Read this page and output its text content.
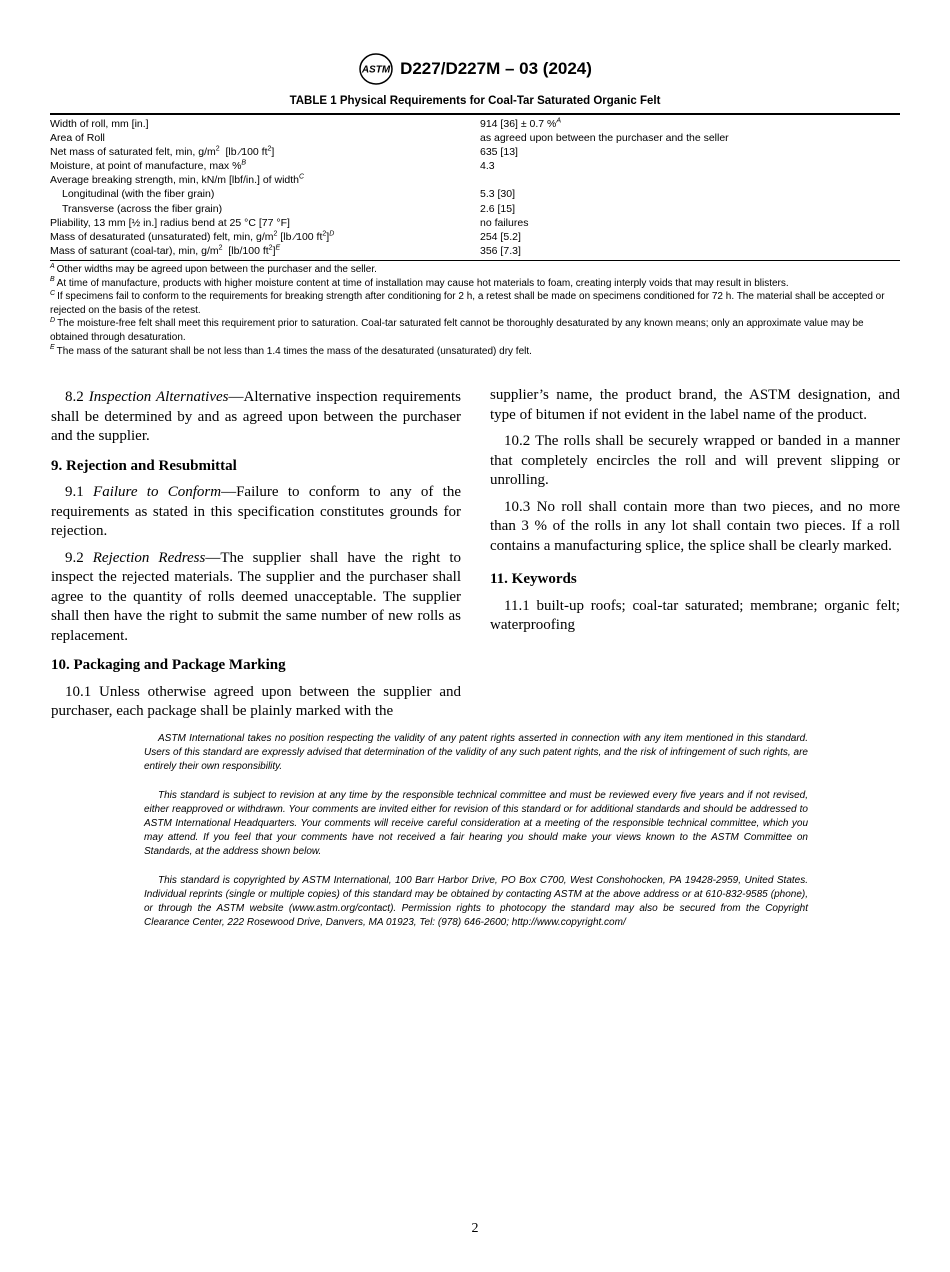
ASTM D227/D227M – 03 (2024)
TABLE 1 Physical Requirements for Coal-Tar Saturated Organic Felt
Width of roll, mm [in.]	914 [36] ± 0.7 %$^A$
Area of Roll	as agreed upon between the purchaser and the seller
Net mass of saturated felt, min, $g/m^2$  [lb ⁄100 $ft^2$]	635 [13]
Moisture, at point of manufacture, max %$^B$	4.3
Average breaking strength, min, kN/m [lbf/in.] of width$^C$
Longitudinal (with the fiber grain)	5.3 [30]
Transverse (across the fiber grain)	2.6 [15]
Pliability, 13 mm [½ in.] radius bend at 25 °C [77 °F]	no failures
Mass of desaturated (unsaturated) felt, min, $g/m^2$ [lb ⁄100 $ft^2]^D$	254 [5.2]
Mass of saturant (coal-tar), min, $g/m^2$  [lb/100 $ft^2]^E$	356 [7.3]

$^A$ Other widths may be agreed upon between the purchaser and the seller.

$^B$ At time of manufacture, products with higher moisture content at time of installation may cause hot materials to foam, creating interply voids that may result in blisters.

$^C$ If specimens fail to conform to the requirements for breaking strength after conditioning for 2 h, a retest shall be made on specimens conditioned for 72 h. The material shall be accepted or rejected on the basis of the retest.

$^D$ The moisture-free felt shall meet this requirement prior to saturation. Coal-tar saturated felt cannot be thoroughly desaturated by any known means; only an approximate value may be obtained through desaturation.

$^E$ The mass of the saturant shall be not less than 1.4 times the mass of the desaturated (unsaturated) dry felt.

8.2 Inspection Alternatives—Alternative inspection requirements shall be determined by and as agreed upon between the purchaser and the supplier.

9. Rejection and Resubmittal

9.1 Failure to Conform—Failure to conform to any of the requirements as stated in this specification constitutes grounds for rejection.

9.2 Rejection Redress—The supplier shall have the right to inspect the rejected materials. The supplier and the purchaser shall agree to the quantity of rolls deemed unacceptable. The supplier shall then have the right to submit the same number of new rolls as replacement.

10. Packaging and Package Marking

10.1 Unless otherwise agreed upon between the supplier and purchaser, each package shall be plainly marked with the

supplier’s name, the product brand, the ASTM designation, and type of bitumen if not evident in the label name of the product.

10.2 The rolls shall be securely wrapped or banded in a manner that completely encircles the roll and will prevent slipping or unrolling.

10.3 No roll shall contain more than two pieces, and no more than 3 % of the rolls in any lot shall contain two pieces. If a roll contains a manufacturing splice, the splice shall be clearly marked.

11. Keywords

11.1 built-up roofs; coal-tar saturated; membrane; organic felt; waterproofing

ASTM International takes no position respecting the validity of any patent rights asserted in connection with any item mentioned in this standard. Users of this standard are expressly advised that determination of the validity of any such patent rights, and the risk of infringement of such rights, are entirely their own responsibility.

This standard is subject to revision at any time by the responsible technical committee and must be reviewed every five years and if not revised, either reapproved or withdrawn. Your comments are invited either for revision of this standard or for additional standards and should be addressed to ASTM International Headquarters. Your comments will receive careful consideration at a meeting of the responsible technical committee, which you may attend. If you feel that your comments have not received a fair hearing you should make your views known to the ASTM Committee on Standards, at the address shown below.

This standard is copyrighted by ASTM International, 100 Barr Harbor Drive, PO Box C700, West Conshohocken, PA 19428-2959, United States. Individual reprints (single or multiple copies) of this standard may be obtained by contacting ASTM at the above address or at 610-832-9585 (phone), or through the ASTM website (www.astm.org/contact). Permission rights to photocopy the standard may also be secured from the Copyright Clearance Center, 222 Rosewood Drive, Danvers, MA 01923, Tel: (978) 646-2600; http://www.copyright.com/

2
